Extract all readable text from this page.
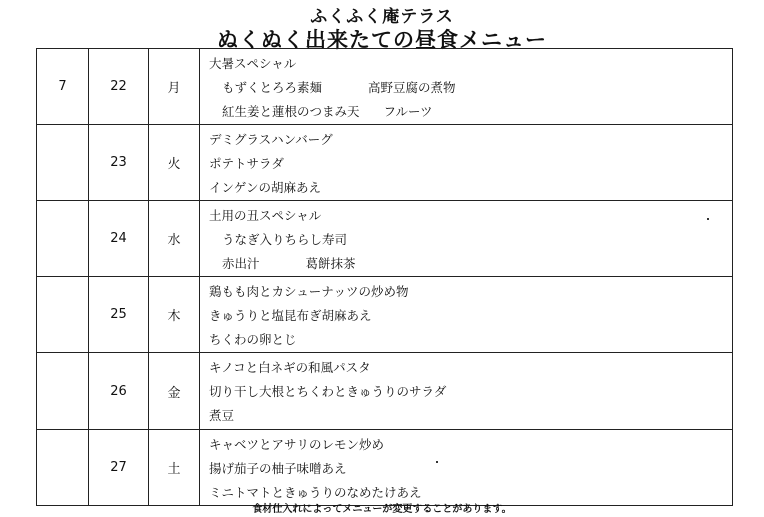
ふくふく庵テラス
ぬくぬく出来たての昼食メニュー
7	22	月	大暑スペシャル
もずくとろろ素麺 高野豆腐の煮物
紅生姜と蓮根のつまみ天 フルーツ

	23	火	デミグラスハンバーグ
ポテトサラダ
インゲンの胡麻あえ

	24	水	土用の丑スペシャル
うなぎ入りちらし寿司
赤出汁 葛餅抹茶

	25	木	鶏もも肉とカシューナッツの炒め物
きゅうりと塩昆布ぎ胡麻あえ
ちくわの卵とじ

	26	金	キノコと白ネギの和風パスタ
切り干し大根とちくわときゅうりのサラダ
煮豆

	27	土	キャベツとアサリのレモン炒め
揚げ茄子の柚子味噌あえ
ミニトマトときゅうりのなめたけあえ
食材仕入れによってメニューが変更することがあります。
